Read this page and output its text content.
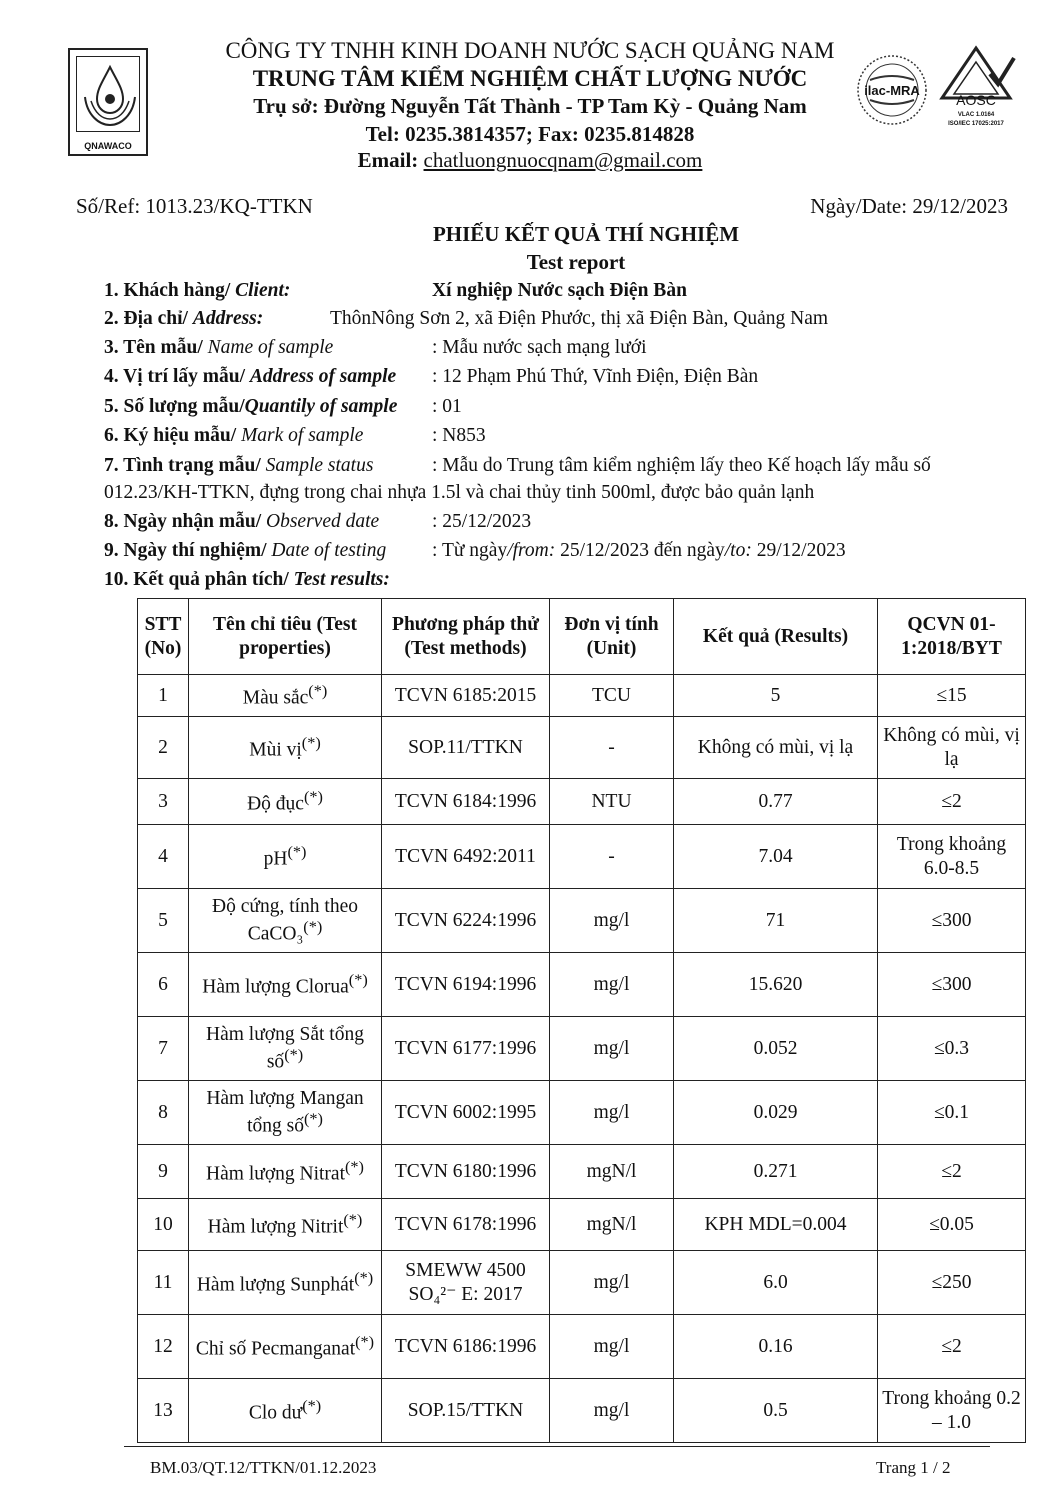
QNAWACO
ilac-MRA
AOSC
VLAC 1.0164
ISO/IEC 17025:2017
CÔNG TY TNHH KINH DOANH NƯỚC SẠCH QUẢNG NAM
TRUNG TÂM KIỂM NGHIỆM CHẤT LƯỢNG NƯỚC
Trụ sở: Đường Nguyễn Tất Thành - TP Tam Kỳ - Quảng Nam
Tel: 0235.3814357; Fax: 0235.814828
Email: chatluongnuocqnam@gmail.com
Số/Ref: 1013.23/KQ-TTKN	Ngày/Date: 29/12/2023
PHIẾU KẾT QUẢ THÍ NGHIỆM
Test report
1. Khách hàng/ Client:	Xí nghiệp Nước sạch Điện Bàn
2. Địa chỉ/ Address:	ThônNông Sơn 2, xã Điện Phước, thị xã Điện Bàn, Quảng Nam
3. Tên mẫu/ Name of sample	: Mẫu nước sạch mạng lưới
4. Vị trí lấy mẫu/ Address of sample : 12 Phạm Phú Thứ, Vĩnh Điện, Điện Bàn
5. Số lượng mẫu/Quantily of sample : 01
6. Ký hiệu mẫu/ Mark of sample	: N853
7. Tình trạng mẫu/ Sample status	: Mẫu do Trung tâm kiểm nghiệm lấy theo Kế hoạch lấy mẫu số
012.23/KH-TTKN, đựng trong chai nhựa 1.5l và chai thủy tinh 500ml, được bảo quản lạnh
8. Ngày nhận mẫu/ Observed date	: 25/12/2023
9. Ngày thí nghiệm/ Date of testing : Từ ngày/from: 25/12/2023 đến ngày/to: 29/12/2023
10. Kết quả phân tích/ Test results:
STT (No)	Tên chỉ tiêu (Test properties)	Phương pháp thử (Test methods)	Đơn vị tính (Unit)	Kết quả (Results)	QCVN 01-1:2018/BYT
1	Màu sắc(*)	TCVN 6185:2015	TCU	5	≤15
2	Mùi vị(*)	SOP.11/TTKN	-	Không có mùi, vị lạ	Không có mùi, vị lạ
3	Độ đục(*)	TCVN 6184:1996	NTU	0.77	≤2
4	pH(*)	TCVN 6492:2011	-	7.04	Trong khoảng 6.0-8.5
5	Độ cứng, tính theo CaCO₃(*)	TCVN 6224:1996	mg/l	71	≤300
6	Hàm lượng Clorua(*)	TCVN 6194:1996	mg/l	15.620	≤300
7	Hàm lượng Sắt tổng số(*)	TCVN 6177:1996	mg/l	0.052	≤0.3
8	Hàm lượng Mangan tổng số(*)	TCVN 6002:1995	mg/l	0.029	≤0.1
9	Hàm lượng Nitrat(*)	TCVN 6180:1996	mgN/l	0.271	≤2
10	Hàm lượng Nitrit(*)	TCVN 6178:1996	mgN/l	KPH MDL=0.004	≤0.05
11	Hàm lượng Sunphát(*)	SMEWW 4500 SO₄²⁻ E: 2017	mg/l	6.0	≤250
12	Chỉ số Pecmanganat(*)	TCVN 6186:1996	mg/l	0.16	≤2
13	Clo dư(*)	SOP.15/TTKN	mg/l	0.5	Trong khoảng 0.2 – 1.0
BM.03/QT.12/TTKN/01.12.2023	Trang 1 / 2
